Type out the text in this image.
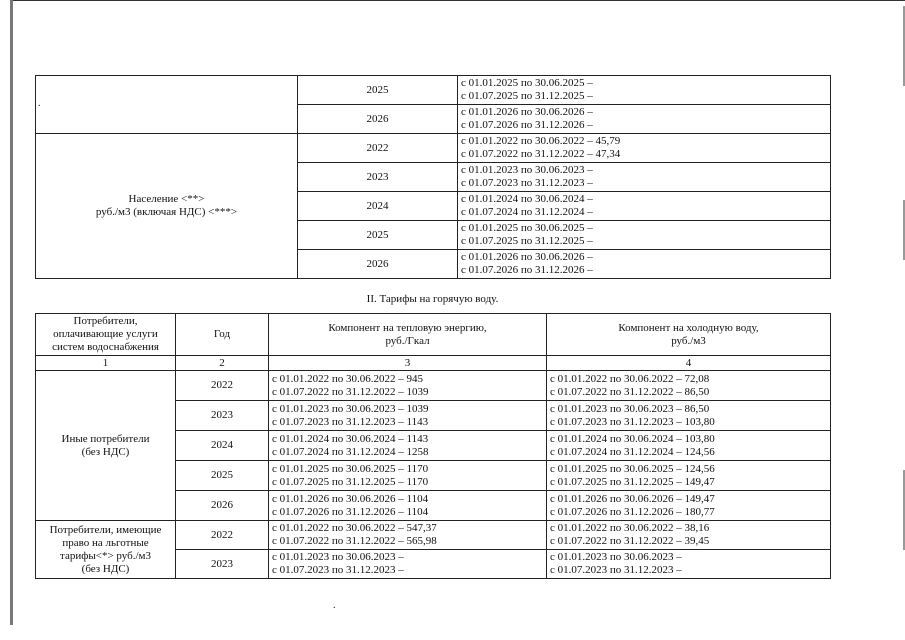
	2025	с 01.01.2025 по 30.06.2025 –
с 01.07.2025 по 31.12.2025 –

	2026	с 01.01.2026 по 30.06.2026 –
с 01.07.2026 по 31.12.2026 –

Население <**>
руб./м3 (включая НДС) <***>	2022	с 01.01.2022 по 30.06.2022 – 45,79
с 01.07.2022 по 31.12.2022 – 47,34

	2023	с 01.01.2023 по 30.06.2023 –
с 01.07.2023 по 31.12.2023 –

	2024	с 01.01.2024 по 30.06.2024 –
с 01.07.2024 по 31.12.2024 –

	2025	с 01.01.2025 по 30.06.2025 –
с 01.07.2025 по 31.12.2025 –

	2026	с 01.01.2026 по 30.06.2026 –
с 01.07.2026 по 31.12.2026 –
II. Тарифы на горячую воду.
Потребители,
оплачивающие услуги
систем водоснабжения	Год	Компонент на тепловую энергию,
руб./Гкал	Компонент на холодную воду,
руб./м3

1	2	3	4

Иные потребители
(без НДС)	2022	с 01.01.2022 по 30.06.2022 – 945
с 01.07.2022 по 31.12.2022 – 1039	с 01.01.2022 по 30.06.2022 – 72,08
с 01.07.2022 по 31.12.2022 – 86,50

	2023	с 01.01.2023 по 30.06.2023 – 1039
с 01.07.2023 по 31.12.2023 – 1143	с 01.01.2023 по 30.06.2023 – 86,50
с 01.07.2023 по 31.12.2023 – 103,80

	2024	с 01.01.2024 по 30.06.2024 – 1143
с 01.07.2024 по 31.12.2024 – 1258	с 01.01.2024 по 30.06.2024 – 103,80
с 01.07.2024 по 31.12.2024 – 124,56

	2025	с 01.01.2025 по 30.06.2025 – 1170
с 01.07.2025 по 31.12.2025 – 1170	с 01.01.2025 по 30.06.2025 – 124,56
с 01.07.2025 по 31.12.2025 – 149,47

	2026	с 01.01.2026 по 30.06.2026 – 1104
с 01.07.2026 по 31.12.2026 – 1104	с 01.01.2026 по 30.06.2026 – 149,47
с 01.07.2026 по 31.12.2026 – 180,77

Потребители, имеющие
право на льготные
тарифы<*> руб./м3
(без НДС)	2022	с 01.01.2022 по 30.06.2022 – 547,37
с 01.07.2022 по 31.12.2022 – 565,98	с 01.01.2022 по 30.06.2022 – 38,16
с 01.07.2022 по 31.12.2022 – 39,45

	2023	с 01.01.2023 по 30.06.2023 –
с 01.07.2023 по 31.12.2023 –	с 01.01.2023 по 30.06.2023 –
с 01.07.2023 по 31.12.2023 –
.
.
